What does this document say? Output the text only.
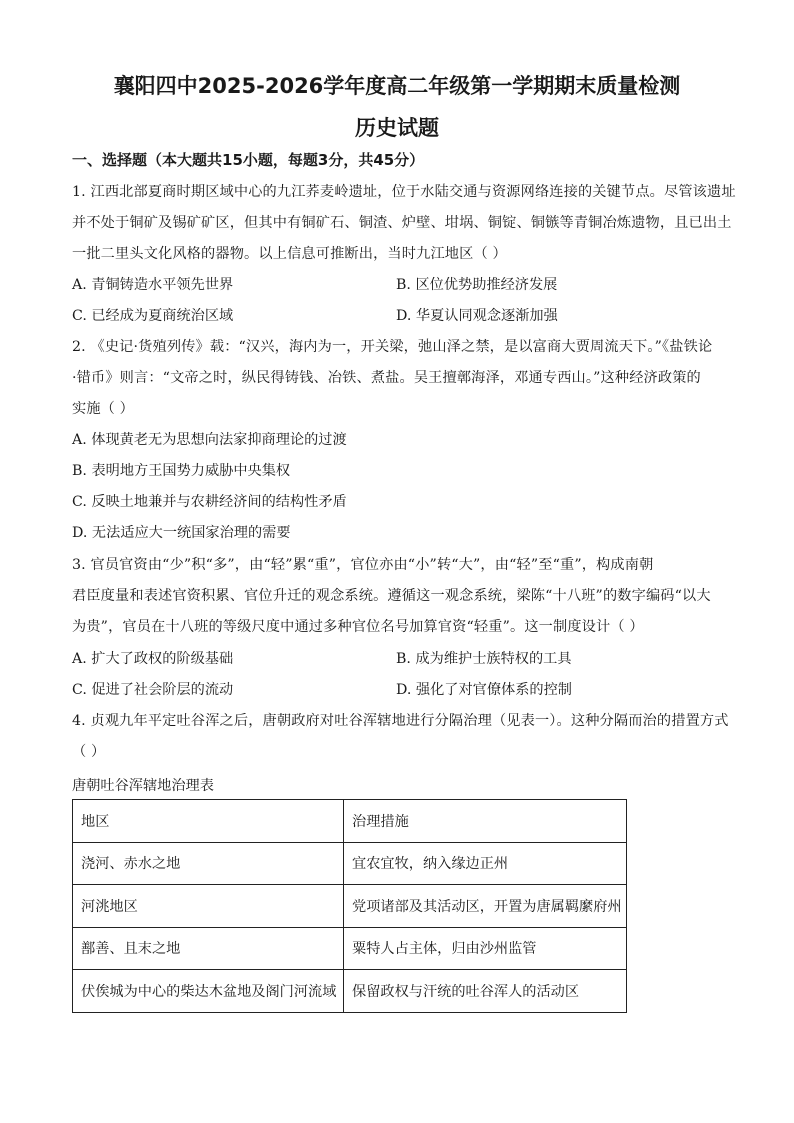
襄阳四中2025-2026学年度高二年级第一学期期末质量检测
历史试题
一、选择题（本大题共15小题，每题3分，共45分）
1. 江西北部夏商时期区域中心的九江荞麦岭遗址，位于水陆交通与资源网络连接的关键节点。尽管该遗址
并不处于铜矿及锡矿矿区，但其中有铜矿石、铜渣、炉壁、坩埚、铜锭、铜镞等青铜冶炼遗物，且已出土
一批二里头文化风格的器物。以上信息可推断出，当时九江地区（ ）
A. 青铜铸造水平领先世界	B. 区位优势助推经济发展
C. 已经成为夏商统治区域	D. 华夏认同观念逐渐加强
2. 《史记·货殖列传》载：“汉兴，海内为一，开关梁，弛山泽之禁，是以富商大贾周流天下。”《盐铁论
·错币》则言：“文帝之时，纵民得铸钱、冶铁、煮盐。吴王擅鄣海泽，邓通专西山。”这种经济政策的
实施（ ）
A. 体现黄老无为思想向法家抑商理论的过渡
B. 表明地方王国势力威胁中央集权
C. 反映土地兼并与农耕经济间的结构性矛盾
D. 无法适应大一统国家治理的需要
3. 官员官资由“少”积“多”，由“轻”累“重”，官位亦由“小”转“大”，由“轻”至“重”，构成南朝
君臣度量和表述官资积累、官位升迁的观念系统。遵循这一观念系统，梁陈“十八班”的数字编码“以大
为贵”，官员在十八班的等级尺度中通过多种官位名号加算官资“轻重”。这一制度设计（ ）
A. 扩大了政权的阶级基础	B. 成为维护士族特权的工具
C. 促进了社会阶层的流动	D. 强化了对官僚体系的控制
4. 贞观九年平定吐谷浑之后，唐朝政府对吐谷浑辖地进行分隔治理（见表一）。这种分隔而治的措置方式
（ ）
唐朝吐谷浑辖地治理表
地区	治理措施
浇河、赤水之地	宜农宜牧，纳入缘边正州
河洮地区	党项诸部及其活动区，开置为唐属羁縻府州
鄯善、且末之地	粟特人占主体，归由沙州监管
伏俟城为中心的柴达木盆地及阁门河流域	保留政权与汗统的吐谷浑人的活动区
